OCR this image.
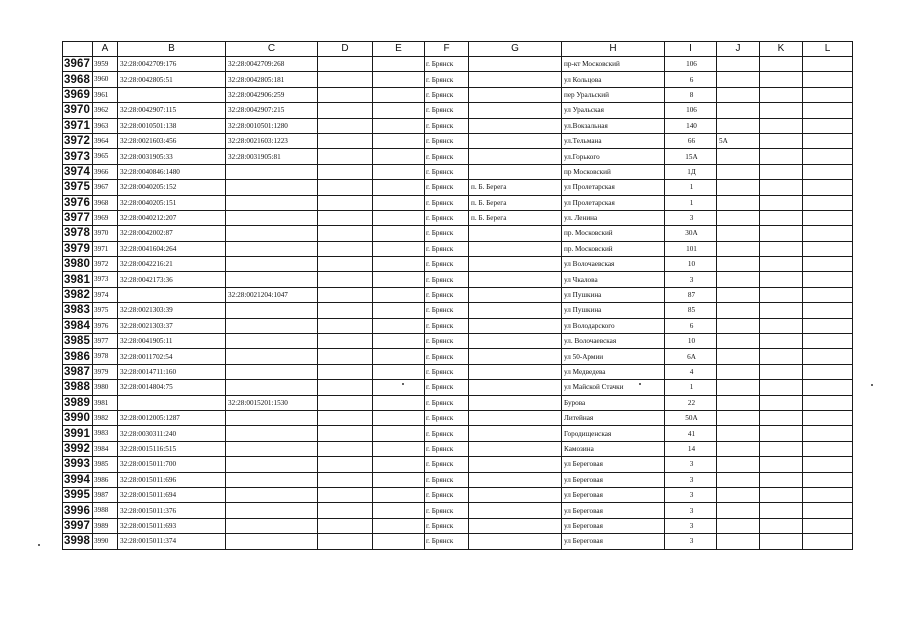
	A	B	C	D	E	F	G	H	I	J	K	L
3967	3959	32:28:0042709:176	32:28:0042709:268			г. Брянск		пр-кт Московский	106			
3968	3960	32:28:0042805:51	32:28:0042805:181			г. Брянск		ул Кольцова	6			
3969	3961		32:28:0042906:259			г. Брянск		пер Уральский	8			
3970	3962	32:28:0042907:115	32:28:0042907:215			г. Брянск		ул Уральская	106			
3971	3963	32:28:0010501:138	32:28:0010501:1280			г. Брянск		ул.Вокзальная	140			
3972	3964	32:28:0021603:456	32:28:0021603:1223			г. Брянск		ул.Тельмана	66	5А		
3973	3965	32:28:0031905:33	32:28:0031905:81			г. Брянск		ул.Горького	15А			
3974	3966	32:28:0040846:1480				г. Брянск		пр Московский	1Д			
3975	3967	32:28:0040205:152				г. Брянск	п. Б. Берега	ул Пролетарская	1			
3976	3968	32:28:0040205:151				г. Брянск	п. Б. Берега	ул Пролетарская	1			
3977	3969	32:28:0040212:207				г. Брянск	п. Б. Берега	ул. Ленина	3			
3978	3970	32:28:0042002:87				г. Брянск		пр. Московский	30А			
3979	3971	32:28:0041604:264				г. Брянск		пр. Московский	101			
3980	3972	32:28:0042216:21				г. Брянск		ул Волочаевская	10			
3981	3973	32:28:0042173:36				г. Брянск		ул Чкалова	3			
3982	3974		32:28:0021204:1047			г. Брянск		ул Пушкина	87			
3983	3975	32:28:0021303:39				г. Брянск		ул Пушкина	85			
3984	3976	32:28:0021303:37				г. Брянск		ул Володарского	6			
3985	3977	32:28:0041905:11				г. Брянск		ул. Волочаевская	10			
3986	3978	32:28:0011702:54				г. Брянск		ул 50-Армии	6А			
3987	3979	32:28:0014711:160				г. Брянск		ул Медведева	4			
3988	3980	32:28:0014804:75				г. Брянск		ул Майской Стачки	1			
3989	3981		32:28:0015201:1530			г. Брянск		Бурова	22			
3990	3982	32:28:0012005:1287				г. Брянск		Литейная	50А			
3991	3983	32:28:0030311:240				г. Брянск		Городищенская	41			
3992	3984	32:28:0015116:515				г. Брянск		Камозина	14			
3993	3985	32:28:0015011:700				г. Брянск		ул Береговая	3			
3994	3986	32:28:0015011:696				г. Брянск		ул Береговая	3			
3995	3987	32:28:0015011:694				г. Брянск		ул Береговая	3			
3996	3988	32:28:0015011:376				г. Брянск		ул Береговая	3			
3997	3989	32:28:0015011:693				г. Брянск		ул Береговая	3			
3998	3990	32:28:0015011:374				г. Брянск		ул Береговая	3			
